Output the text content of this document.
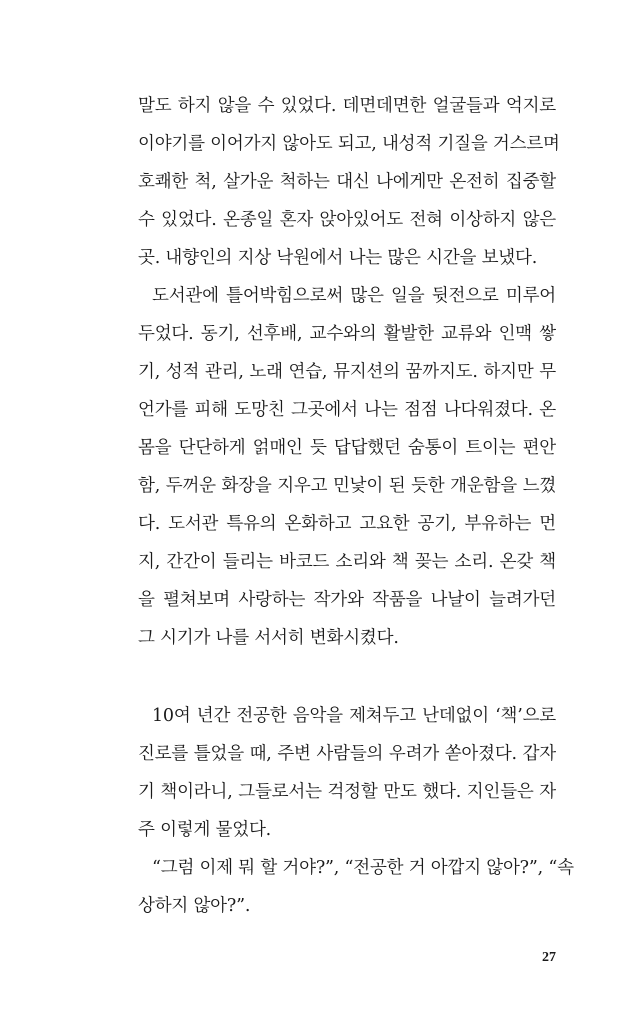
말도 하지 않을 수 있었다. 데면데면한 얼굴들과 억지로
이야기를 이어가지 않아도 되고, 내성적 기질을 거스르며
호쾌한 척, 살가운 척하는 대신 나에게만 온전히 집중할
수 있었다. 온종일 혼자 앉아있어도 전혀 이상하지 않은
곳. 내향인의 지상 낙원에서 나는 많은 시간을 보냈다.
도서관에 틀어박힘으로써 많은 일을 뒷전으로 미루어
두었다. 동기, 선후배, 교수와의 활발한 교류와 인맥 쌓
기, 성적 관리, 노래 연습, 뮤지션의 꿈까지도. 하지만 무
언가를 피해 도망친 그곳에서 나는 점점 나다워졌다. 온
몸을 단단하게 얽매인 듯 답답했던 숨통이 트이는 편안
함, 두꺼운 화장을 지우고 민낯이 된 듯한 개운함을 느꼈
다. 도서관 특유의 온화하고 고요한 공기, 부유하는 먼
지, 간간이 들리는 바코드 소리와 책 꽂는 소리. 온갖 책
을 펼쳐보며 사랑하는 작가와 작품을 나날이 늘려가던
그 시기가 나를 서서히 변화시켰다.
10여 년간 전공한 음악을 제쳐두고 난데없이 ‘책’으로
진로를 틀었을 때, 주변 사람들의 우려가 쏟아졌다. 갑자
기 책이라니, 그들로서는 걱정할 만도 했다. 지인들은 자
주 이렇게 물었다.
“그럼 이제 뭐 할 거야?”, “전공한 거 아깝지 않아?”, “속
상하지 않아?”.
27
